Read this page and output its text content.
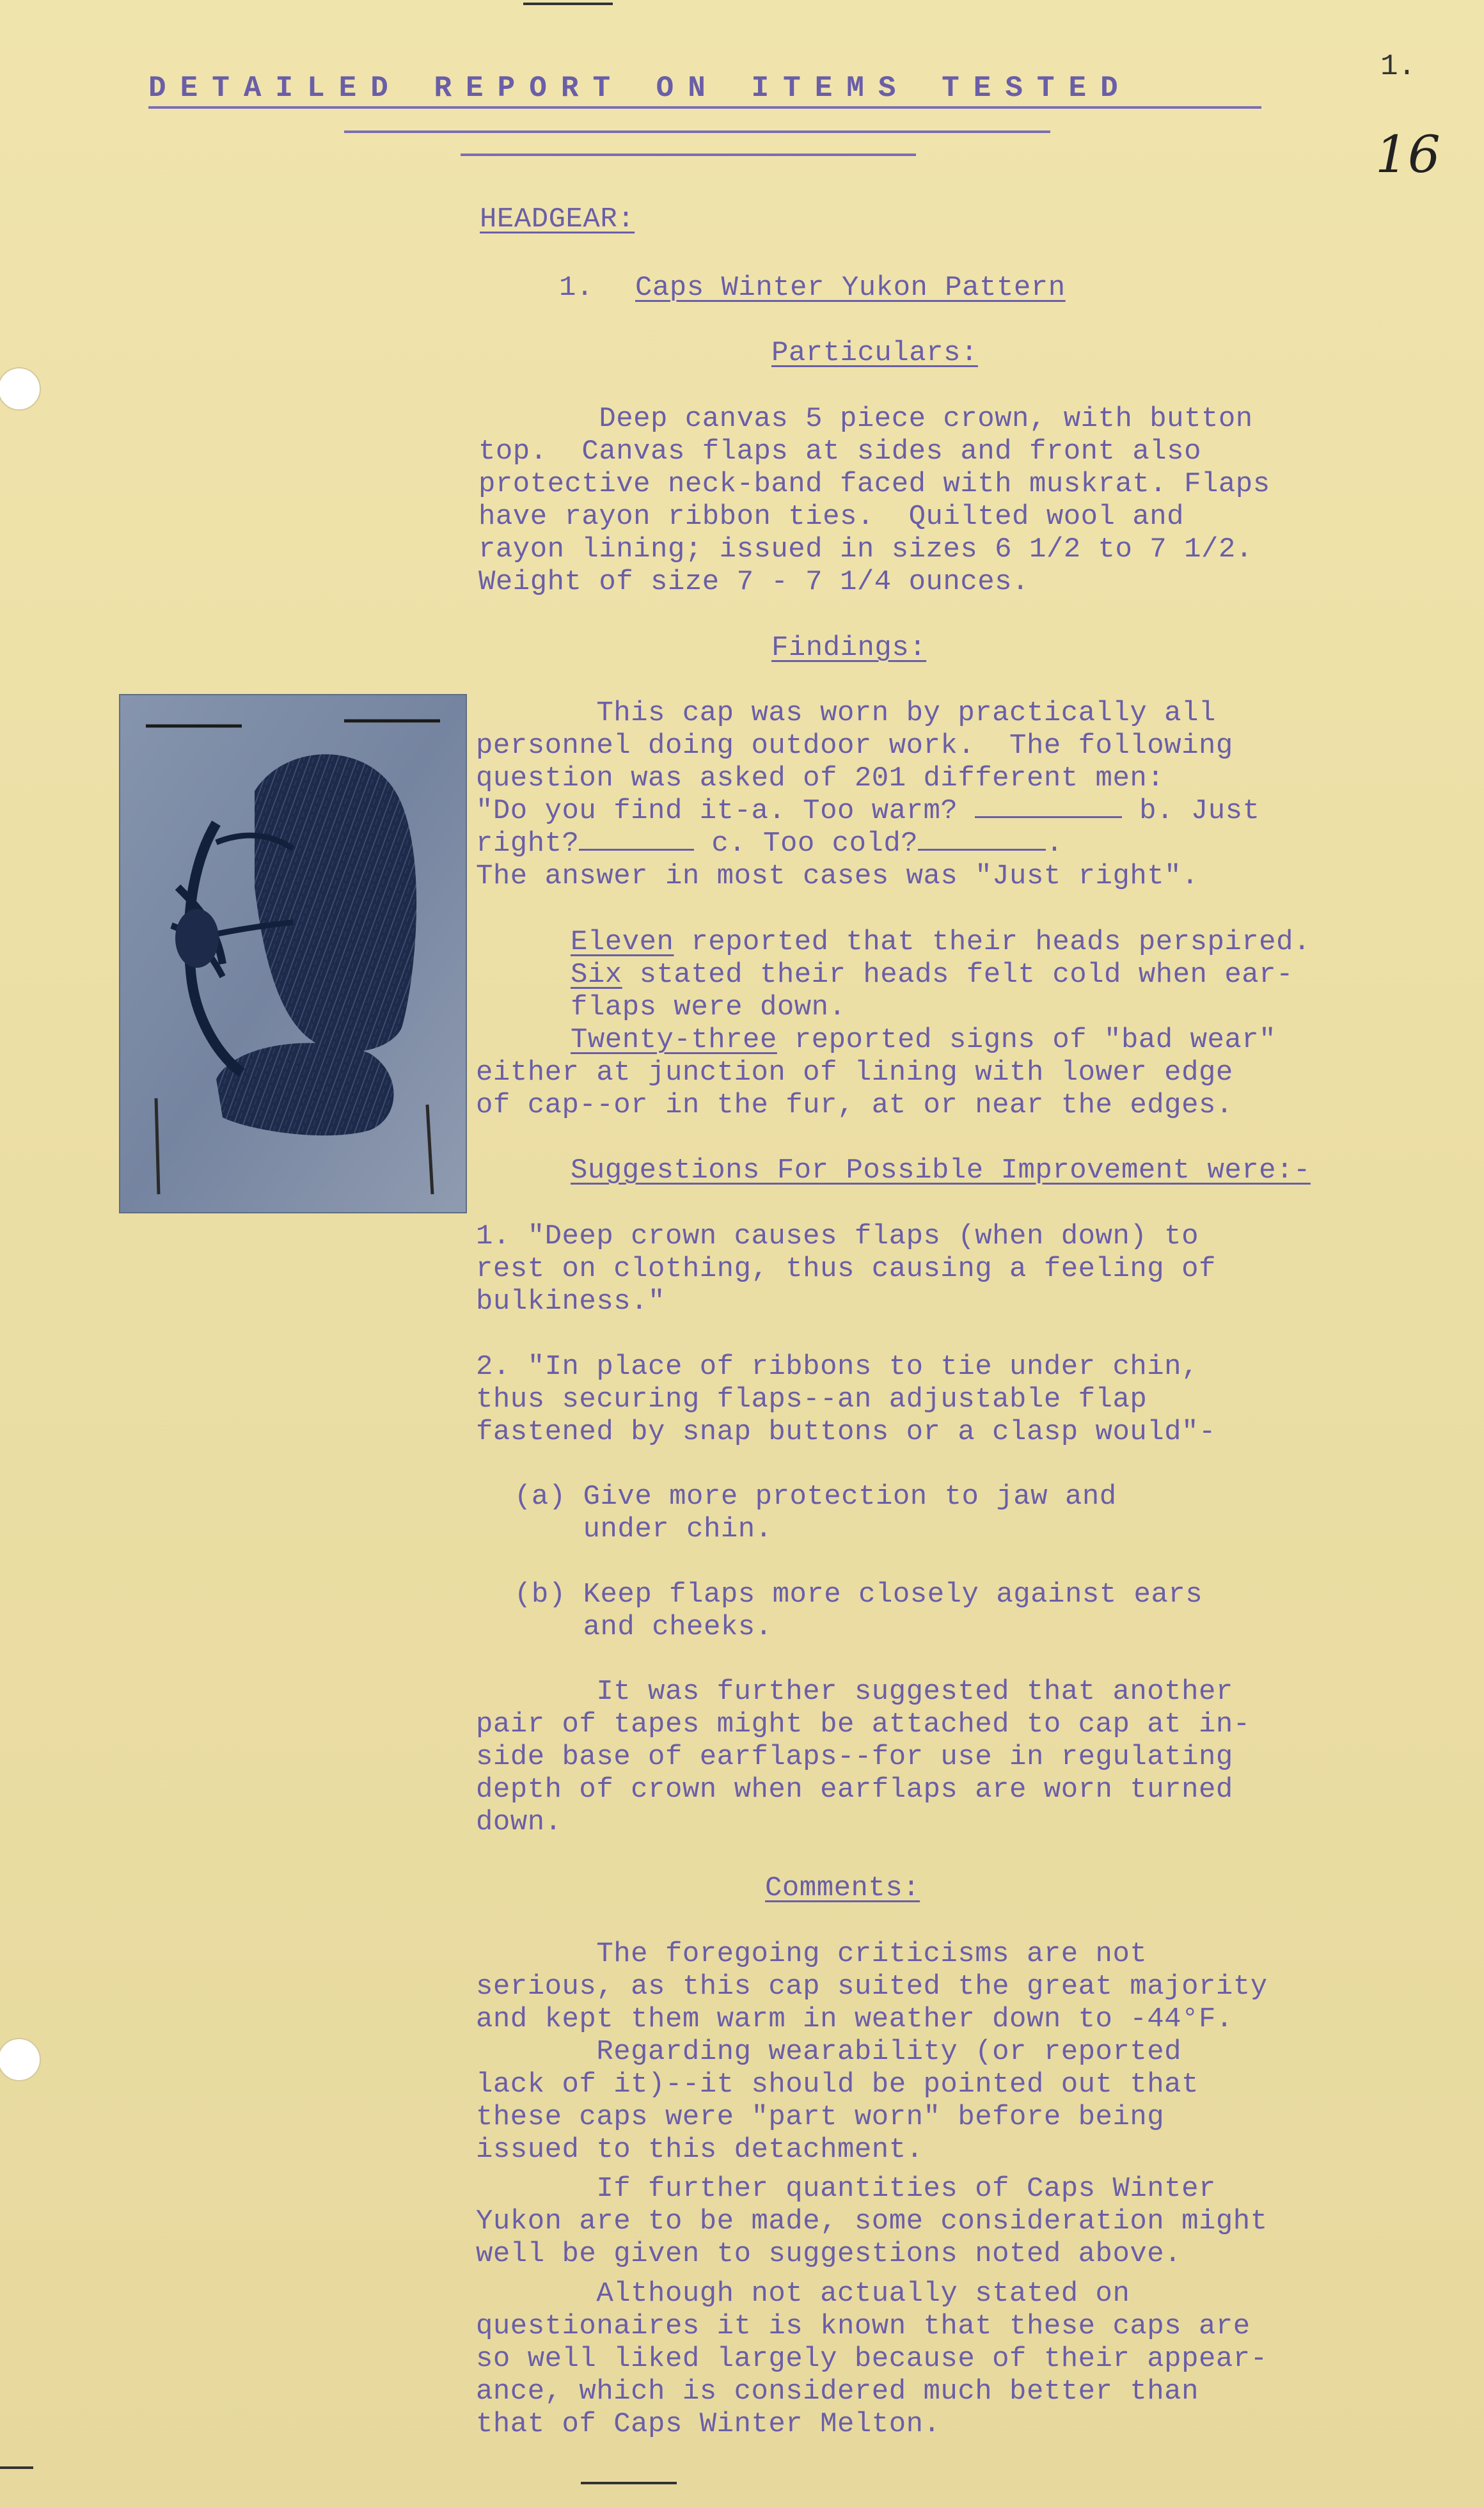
1.
16
DETAILED REPORT ON ITEMS TESTED
HEADGEAR:
1. Caps Winter Yukon Pattern
Particulars:
Deep canvas 5 piece crown, with button
top.  Canvas flaps at sides and front also
protective neck-band faced with muskrat. Flaps
have rayon ribbon ties.  Quilted wool and
rayon lining; issued in sizes 6 1/2 to 7 1/2.
Weight of size 7 - 7 1/4 ounces.
Findings:
This cap was worn by practically all
personnel doing outdoor work.  The following
question was asked of 201 different men:
"Do you find it-a. Too warm?	b. Just
right?	c. Too cold?	.
The answer in most cases was "Just right".
Eleven reported that their heads perspired.
Six stated their heads felt cold when ear-
flaps were down.
Twenty-three reported signs of "bad wear"
either at junction of lining with lower edge
of cap--or in the fur, at or near the edges.
Suggestions For Possible Improvement were:-
1. "Deep crown causes flaps (when down) to
rest on clothing, thus causing a feeling of
bulkiness."
2. "In place of ribbons to tie under chin,
thus securing flaps--an adjustable flap
fastened by snap buttons or a clasp would"-
(a) Give more protection to jaw and
under chin.
(b) Keep flaps more closely against ears
and cheeks.
It was further suggested that another
pair of tapes might be attached to cap at in-
side base of earflaps--for use in regulating
depth of crown when earflaps are worn turned
down.
Comments:
The foregoing criticisms are not
serious, as this cap suited the great majority
and kept them warm in weather down to -44°F.
Regarding wearability (or reported
lack of it)--it should be pointed out that
these caps were "part worn" before being
issued to this detachment.
If further quantities of Caps Winter
Yukon are to be made, some consideration might
well be given to suggestions noted above.
Although not actually stated on
questionaires it is known that these caps are
so well liked largely because of their appear-
ance, which is considered much better than
that of Caps Winter Melton.
